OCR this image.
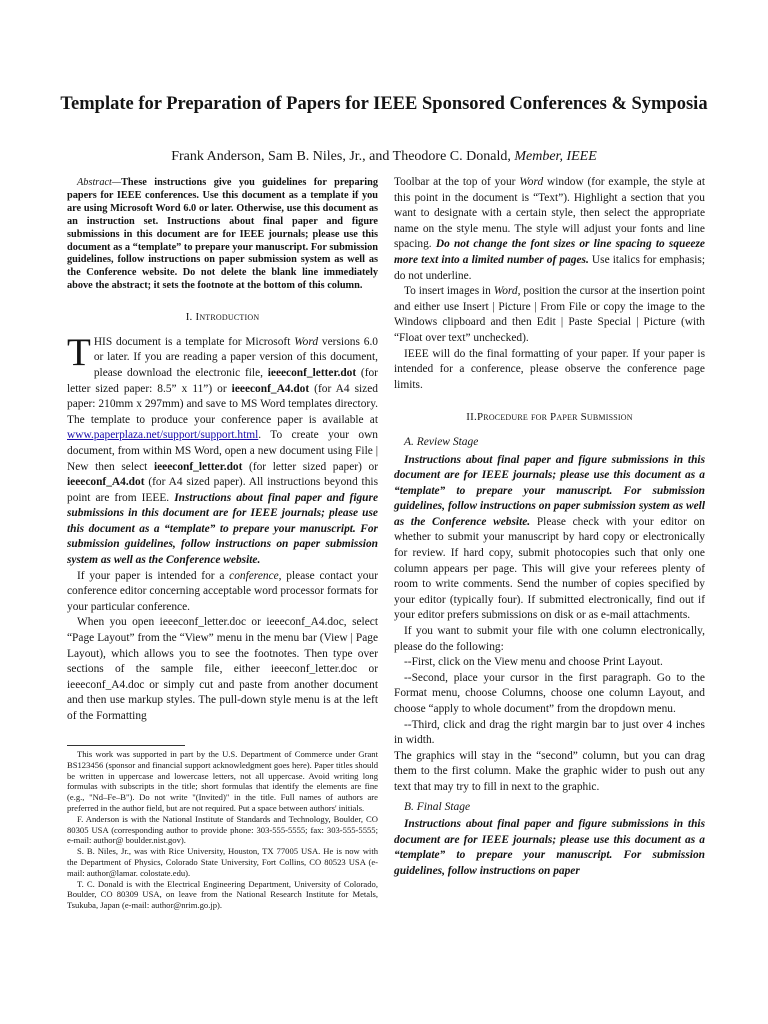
Template for Preparation of Papers for IEEE Sponsored Conferences & Symposia
Frank Anderson, Sam B. Niles, Jr., and Theodore C. Donald, Member, IEEE

Abstract—These instructions give you guidelines for preparing papers for IEEE conferences. Use this document as a template if you are using Microsoft Word 6.0 or later. Otherwise, use this document as an instruction set. Instructions about final paper and figure submissions in this document are for IEEE journals; please use this document as a “template” to prepare your manuscript. For submission guidelines, follow instructions on paper submission system as well as the Conference website. Do not delete the blank line immediately above the abstract; it sets the footnote at the bottom of this column.

I. Introduction

THIS document is a template for Microsoft Word versions 6.0 or later. If you are reading a paper version of this document, please download the electronic file, ieeeconf_letter.dot (for letter sized paper: 8.5” x 11”) or ieeeconf_A4.dot (for A4 sized paper: 210mm x 297mm) and save to MS Word templates directory. The template to produce your conference paper is available at www.paperplaza.net/support/support.html. To create your own document, from within MS Word, open a new document using File | New then select ieeeconf_letter.dot (for letter sized paper) or ieeeconf_A4.dot (for A4 sized paper). All instructions beyond this point are from IEEE. Instructions about final paper and figure submissions in this document are for IEEE journals; please use this document as a “template” to prepare your manuscript. For submission guidelines, follow instructions on paper submission system as well as the Conference website.

If your paper is intended for a conference, please contact your conference editor concerning acceptable word processor formats for your particular conference.

When you open ieeeconf_letter.doc or ieeeconf_A4.doc, select “Page Layout” from the “View” menu in the menu bar (View | Page Layout), which allows you to see the footnotes. Then type over sections of the sample file, either ieeeconf_letter.doc or ieeeconf_A4.doc or simply cut and paste from another document and then use markup styles. The pull-down style menu is at the left of the Formatting

This work was supported in part by the U.S. Department of Commerce under Grant BS123456 (sponsor and financial support acknowledgment goes here). Paper titles should be written in uppercase and lowercase letters, not all uppercase. Avoid writing long formulas with subscripts in the title; short formulas that identify the elements are fine (e.g., "Nd–Fe–B"). Do not write "(Invited)" in the title. Full names of authors are preferred in the author field, but are not required. Put a space between authors' initials.

F. Anderson is with the National Institute of Standards and Technology, Boulder, CO 80305 USA (corresponding author to provide phone: 303-555-5555; fax: 303-555-5555; e-mail: author@ boulder.nist.gov).

S. B. Niles, Jr., was with Rice University, Houston, TX 77005 USA. He is now with the Department of Physics, Colorado State University, Fort Collins, CO 80523 USA (e-mail: author@lamar. colostate.edu).

T. C. Donald is with the Electrical Engineering Department, University of Colorado, Boulder, CO 80309 USA, on leave from the National Research Institute for Metals, Tsukuba, Japan (e-mail: author@nrim.go.jp).

Toolbar at the top of your Word window (for example, the style at this point in the document is “Text”). Highlight a section that you want to designate with a certain style, then select the appropriate name on the style menu. The style will adjust your fonts and line spacing. Do not change the font sizes or line spacing to squeeze more text into a limited number of pages. Use italics for emphasis; do not underline.

To insert images in Word, position the cursor at the insertion point and either use Insert | Picture | From File or copy the image to the Windows clipboard and then Edit | Paste Special | Picture (with “Float over text” unchecked).

IEEE will do the final formatting of your paper. If your paper is intended for a conference, please observe the conference page limits.

II.Procedure for Paper Submission
A. Review Stage

Instructions about final paper and figure submissions in this document are for IEEE journals; please use this document as a “template” to prepare your manuscript. For submission guidelines, follow instructions on paper submission system as well as the Conference website. Please check with your editor on whether to submit your manuscript by hard copy or electronically for review. If hard copy, submit photocopies such that only one column appears per page. This will give your referees plenty of room to write comments. Send the number of copies specified by your editor (typically four). If submitted electronically, find out if your editor prefers submissions on disk or as e-mail attachments.

If you want to submit your file with one column electronically, please do the following:

--First, click on the View menu and choose Print Layout.

--Second, place your cursor in the first paragraph. Go to the Format menu, choose Columns, choose one column Layout, and choose “apply to whole document” from the dropdown menu.

--Third, click and drag the right margin bar to just over 4 inches in width.

The graphics will stay in the “second” column, but you can drag them to the first column. Make the graphic wider to push out any text that may try to fill in next to the graphic.

B. Final Stage

Instructions about final paper and figure submissions in this document are for IEEE journals; please use this document as a “template” to prepare your manuscript. For submission guidelines, follow instructions on paper
